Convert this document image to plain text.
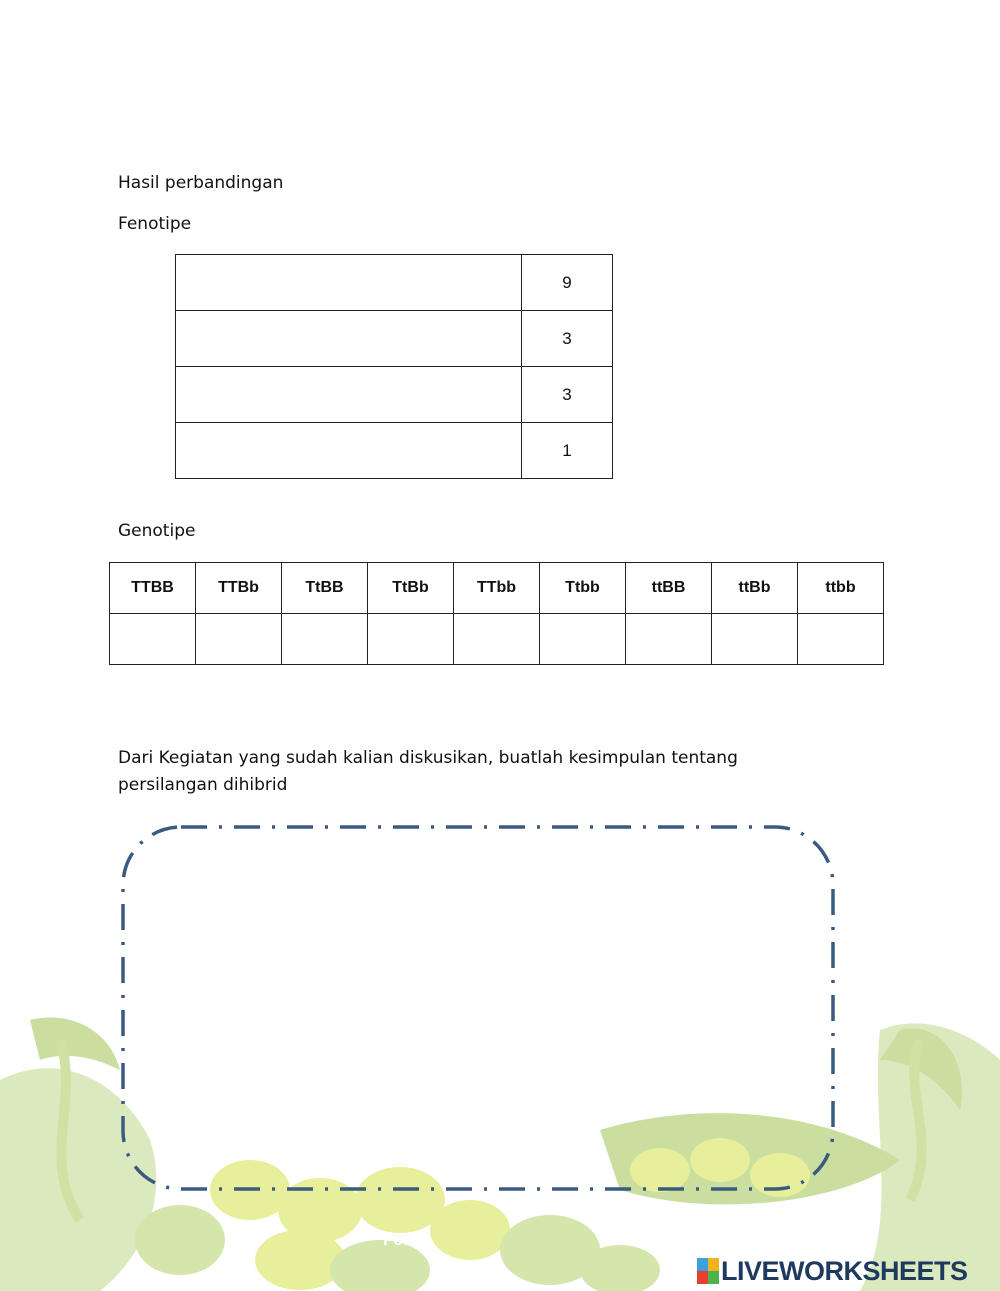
Hasil perbandingan
Fenotipe
	9
	3
	3
	1
Genotipe
TTBB	TTBb	TtBB	TtBb	TTbb	Ttbb	ttBB	ttBb	ttbb

Dari Kegiatan yang sudah kalian diskusikan, buatlah kesimpulan tentang persilangan dihibrid
Fenn
LIVEWORKSHEETS
